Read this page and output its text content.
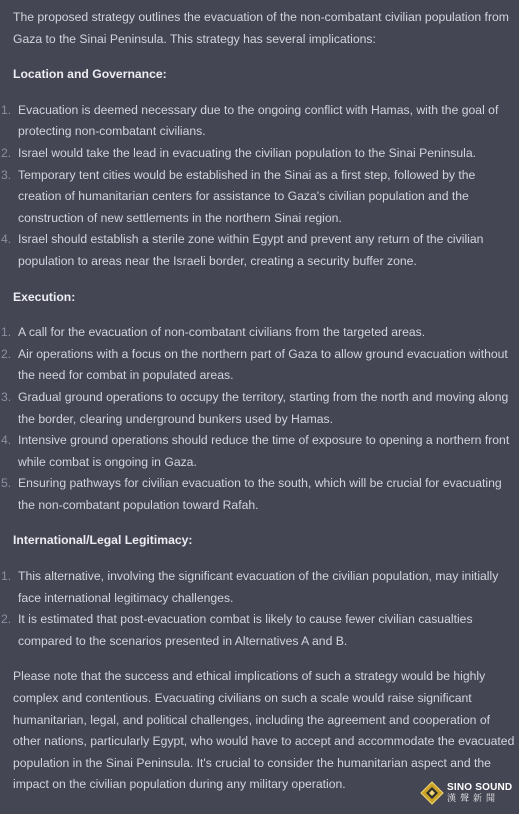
The proposed strategy outlines the evacuation of the non-combatant civilian population from Gaza to the Sinai Peninsula. This strategy has several implications:

Location and Governance:
1. Evacuation is deemed necessary due to the ongoing conflict with Hamas, with the goal of protecting non-combatant civilians.
2. Israel would take the lead in evacuating the civilian population to the Sinai Peninsula.
3. Temporary tent cities would be established in the Sinai as a first step, followed by the creation of humanitarian centers for assistance to Gaza's civilian population and the construction of new settlements in the northern Sinai region.
4. Israel should establish a sterile zone within Egypt and prevent any return of the civilian population to areas near the Israeli border, creating a security buffer zone.
Execution:
1. A call for the evacuation of non-combatant civilians from the targeted areas.
2. Air operations with a focus on the northern part of Gaza to allow ground evacuation without the need for combat in populated areas.
3. Gradual ground operations to occupy the territory, starting from the north and moving along the border, clearing underground bunkers used by Hamas.
4. Intensive ground operations should reduce the time of exposure to opening a northern front while combat is ongoing in Gaza.
5. Ensuring pathways for civilian evacuation to the south, which will be crucial for evacuating the non-combatant population toward Rafah.
International/Legal Legitimacy:
1. This alternative, involving the significant evacuation of the civilian population, may initially face international legitimacy challenges.
2. It is estimated that post-evacuation combat is likely to cause fewer civilian casualties compared to the scenarios presented in Alternatives A and B.

Please note that the success and ethical implications of such a strategy would be highly complex and contentious. Evacuating civilians on such a scale would raise significant humanitarian, legal, and political challenges, including the agreement and cooperation of other nations, particularly Egypt, who would have to accept and accommodate the evacuated population in the Sinai Peninsula. It's crucial to consider the humanitarian aspect and the impact on the civilian population during any military operation.	SINO SOUND
漢聲新聞
